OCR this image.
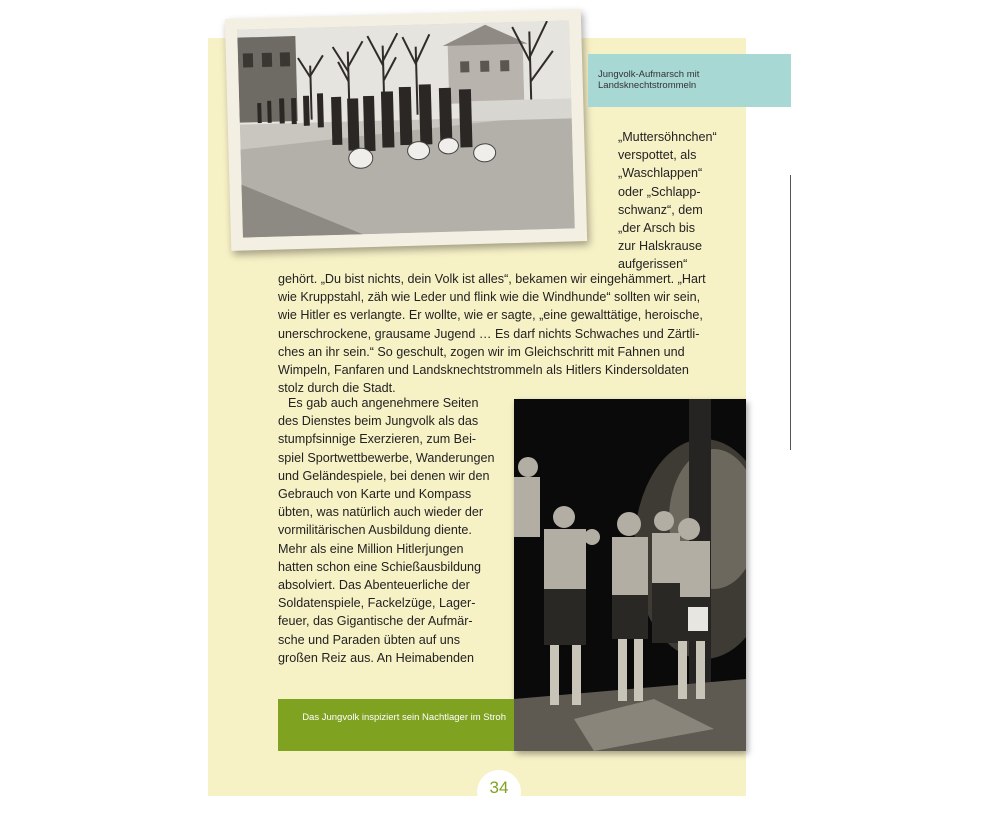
Jungvolk-Aufmarsch mit Landsknechtstrommeln

„Muttersöhnchen“

verspottet, als

„Waschlappen“

oder „Schlapp-

schwanz“, dem

„der Arsch bis

zur Halskrause

aufgerissen“

gehört. „Du bist nichts, dein Volk ist alles“, bekamen wir eingehämmert. „Hart

wie Kruppstahl, zäh wie Leder und flink wie die Windhunde“ sollten wir sein,

wie Hitler es verlangte. Er wollte, wie er sagte, „eine gewalttätige, heroische,

unerschrockene, grausame Jugend … Es darf nichts Schwaches und Zärtli-

ches an ihr sein.“ So geschult, zogen wir im Gleichschritt mit Fahnen und

Wimpeln, Fanfaren und Landsknechtstrommeln als Hitlers Kindersoldaten

stolz durch die Stadt.

Es gab auch angenehmere Seiten

des Dienstes beim Jungvolk als das

stumpfsinnige Exerzieren, zum Bei-

spiel Sportwettbewerbe, Wanderungen

und Geländespiele, bei denen wir den

Gebrauch von Karte und Kompass

übten, was natürlich auch wieder der

vormilitärischen Ausbildung diente.

Mehr als eine Million Hitlerjungen

hatten schon eine Schießausbildung

absolviert. Das Abenteuerliche der

Soldatenspiele, Fackelzüge, Lager-

feuer, das Gigantische der Aufmär-

sche und Paraden übten auf uns

großen Reiz aus. An Heimabenden

Das Jungvolk inspiziert sein Nachtlager im Stroh
34
